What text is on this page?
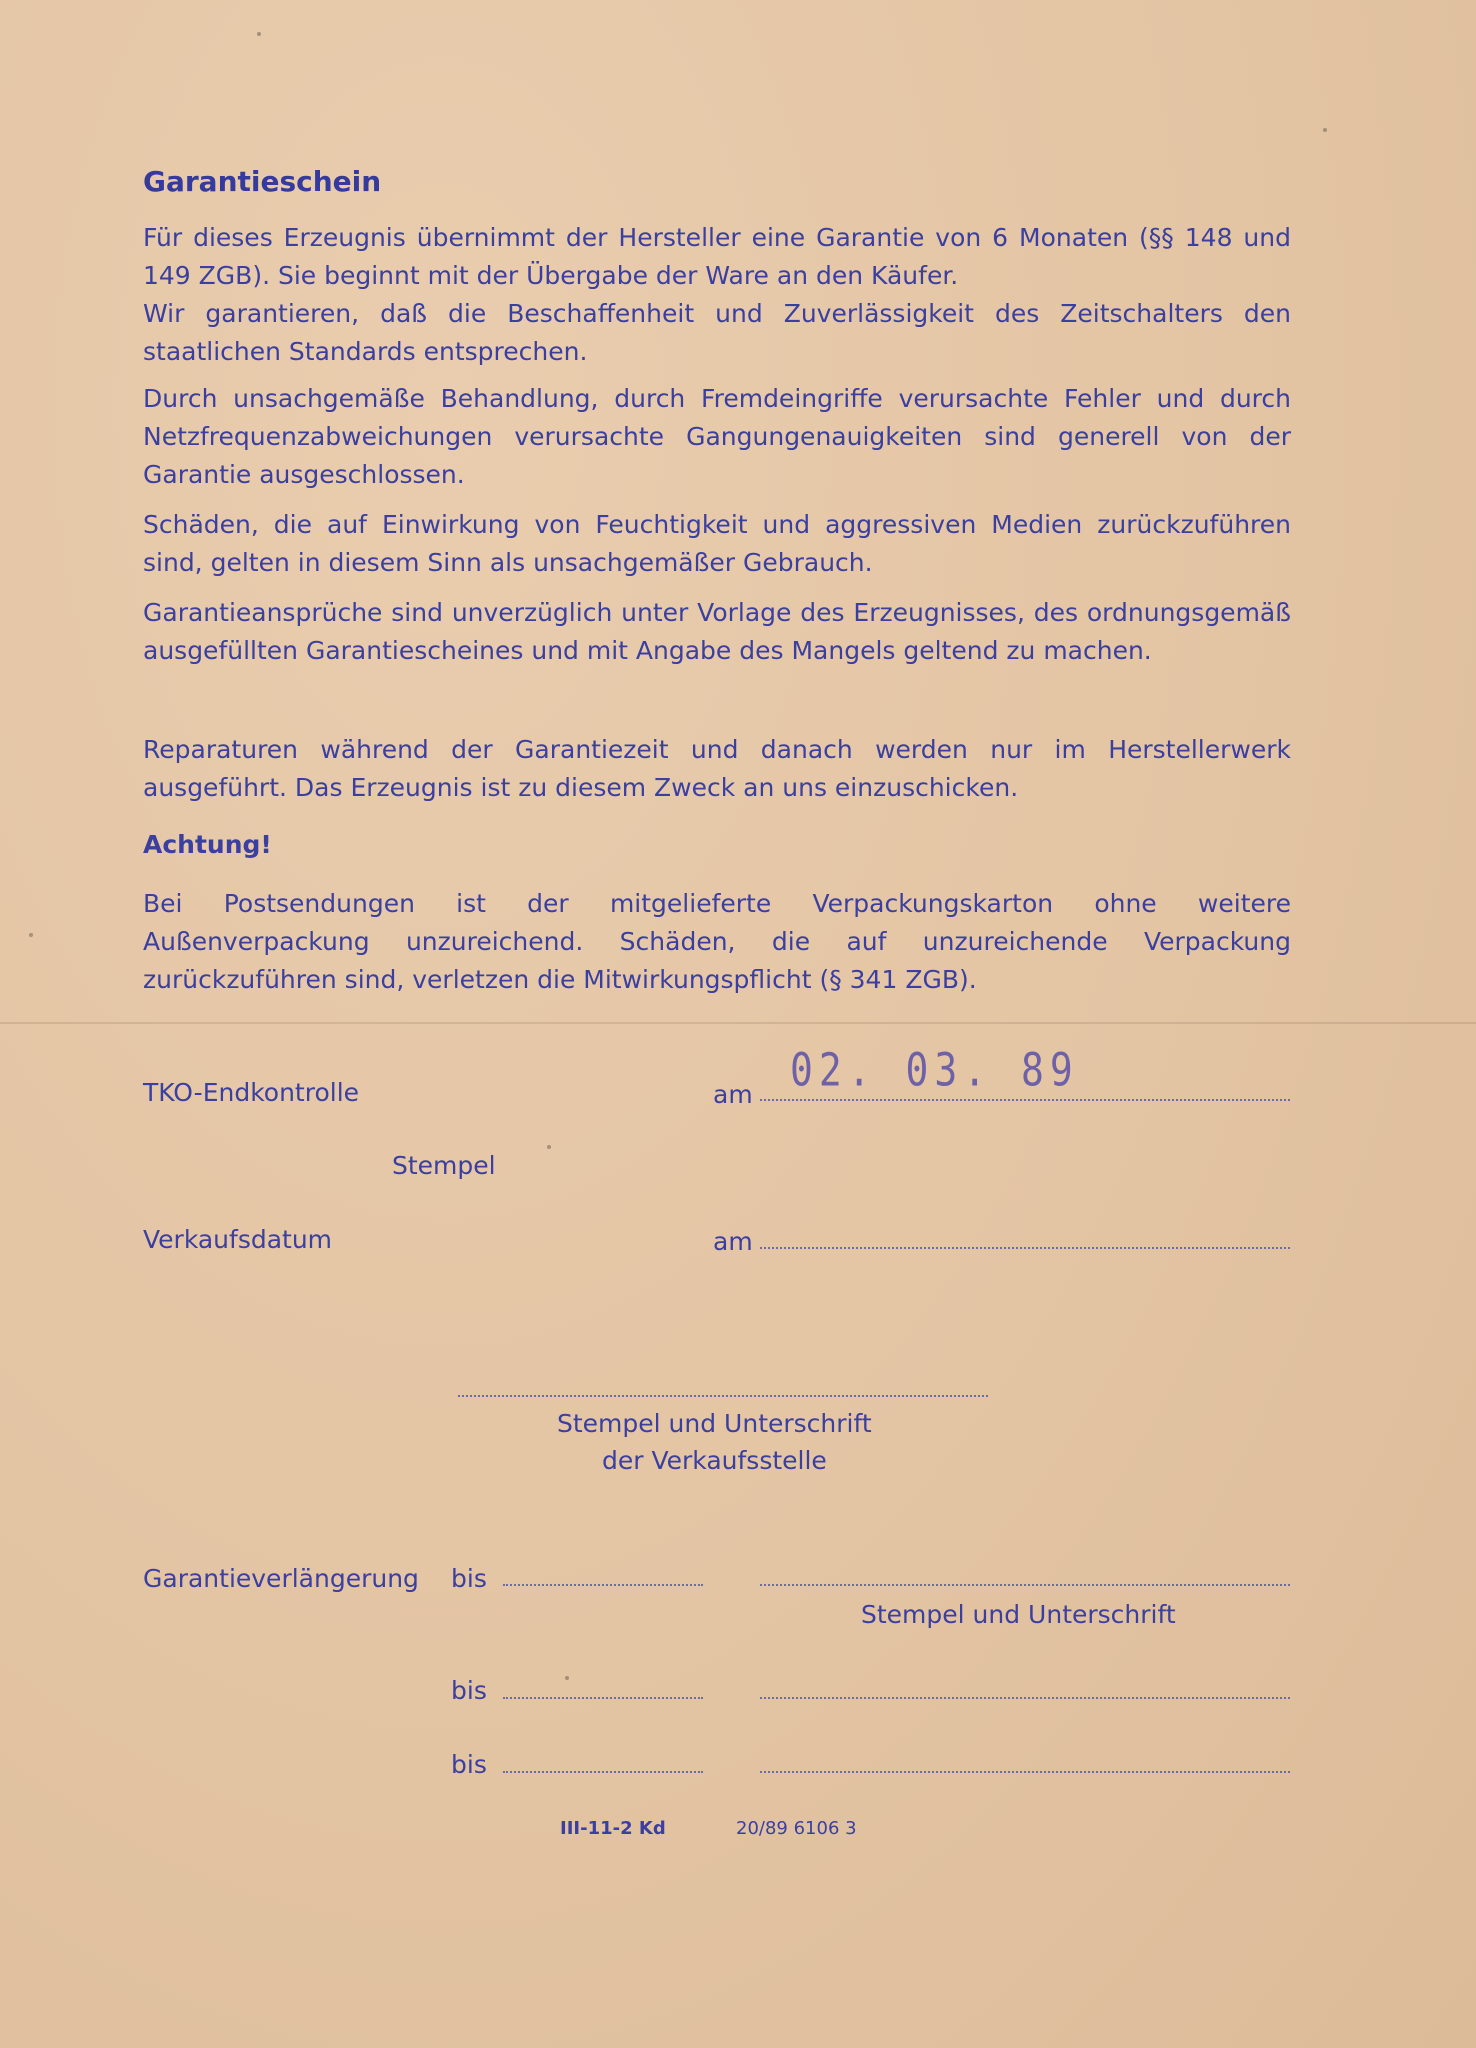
Garantieschein

Für dieses Erzeugnis übernimmt der Hersteller eine Garantie von 6 Monaten (§§ 148 und 149 ZGB). Sie beginnt mit der Übergabe der Ware an den Käufer.
Wir garantieren, daß die Beschaffenheit und Zuverlässigkeit des Zeitschalters den staatlichen Standards entsprechen.

Durch unsachgemäße Behandlung, durch Fremdeingriffe verursachte Fehler und durch Netzfrequenzabweichungen verursachte Gangungenauigkeiten sind generell von der Garantie ausgeschlossen.

Schäden, die auf Einwirkung von Feuchtigkeit und aggressiven Medien zurückzuführen sind, gelten in diesem Sinn als unsachgemäßer Gebrauch.

Garantieansprüche sind unverzüglich unter Vorlage des Erzeugnisses, des ordnungsgemäß ausgefüllten Garantiescheines und mit Angabe des Mangels geltend zu machen.

Reparaturen während der Garantiezeit und danach werden nur im Herstellerwerk ausgeführt. Das Erzeugnis ist zu diesem Zweck an uns einzuschicken.

Achtung!

Bei Postsendungen ist der mitgelieferte Verpackungskarton ohne weitere Außenverpackung unzureichend. Schäden, die auf unzureichende Verpackung zurückzuführen sind, verletzen die Mitwirkungspflicht (§ 341 ZGB).

TKO-Endkontrolle	am 02. 03. 89
Stempel
Verkaufsdatum	am
Stempel und Unterschrift
der Verkaufsstelle
Garantieverlängerung bis
Stempel und Unterschrift
bis
bis
III-11-2 Kd	20/89 6106 3
